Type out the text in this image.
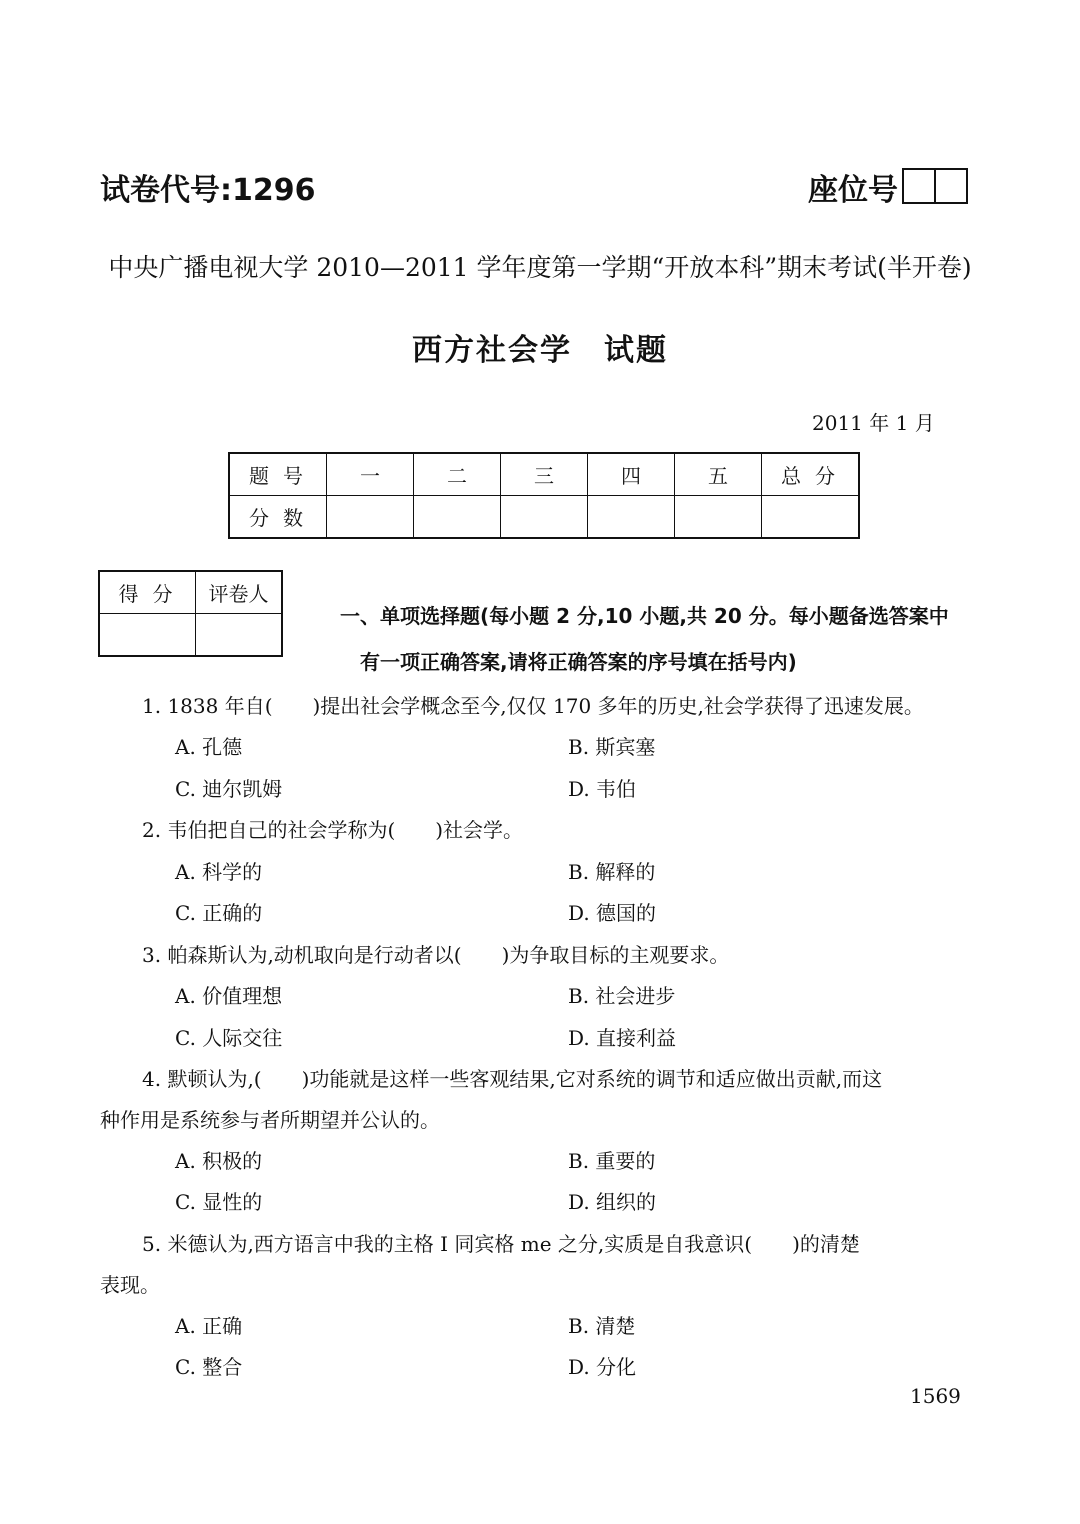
试卷代号:1296	座位号
中央广播电视大学 2010—2011 学年度第一学期“开放本科”期末考试(半开卷)
西方社会学　试题
2011 年 1 月
题号	一	二	三	四	五	总分
分数						
得分	评卷人

一、单项选择题(每小题 2 分,10 小题,共 20 分。每小题备选答案中
有一项正确答案,请将正确答案的序号填在括号内)
1. 1838 年自(　　)提出社会学概念至今,仅仅 170 多年的历史,社会学获得了迅速发展。
A. 孔德	B. 斯宾塞
C. 迪尔凯姆	D. 韦伯
2. 韦伯把自己的社会学称为(　　)社会学。
A. 科学的	B. 解释的
C. 正确的	D. 德国的
3. 帕森斯认为,动机取向是行动者以(　　)为争取目标的主观要求。
A. 价值理想	B. 社会进步
C. 人际交往	D. 直接利益
4. 默顿认为,(　　)功能就是这样一些客观结果,它对系统的调节和适应做出贡献,而这
种作用是系统参与者所期望并公认的。
A. 积极的	B. 重要的
C. 显性的	D. 组织的
5. 米德认为,西方语言中我的主格 I 同宾格 me 之分,实质是自我意识(　　)的清楚
表现。
A. 正确	B. 清楚
C. 整合	D. 分化
1569
